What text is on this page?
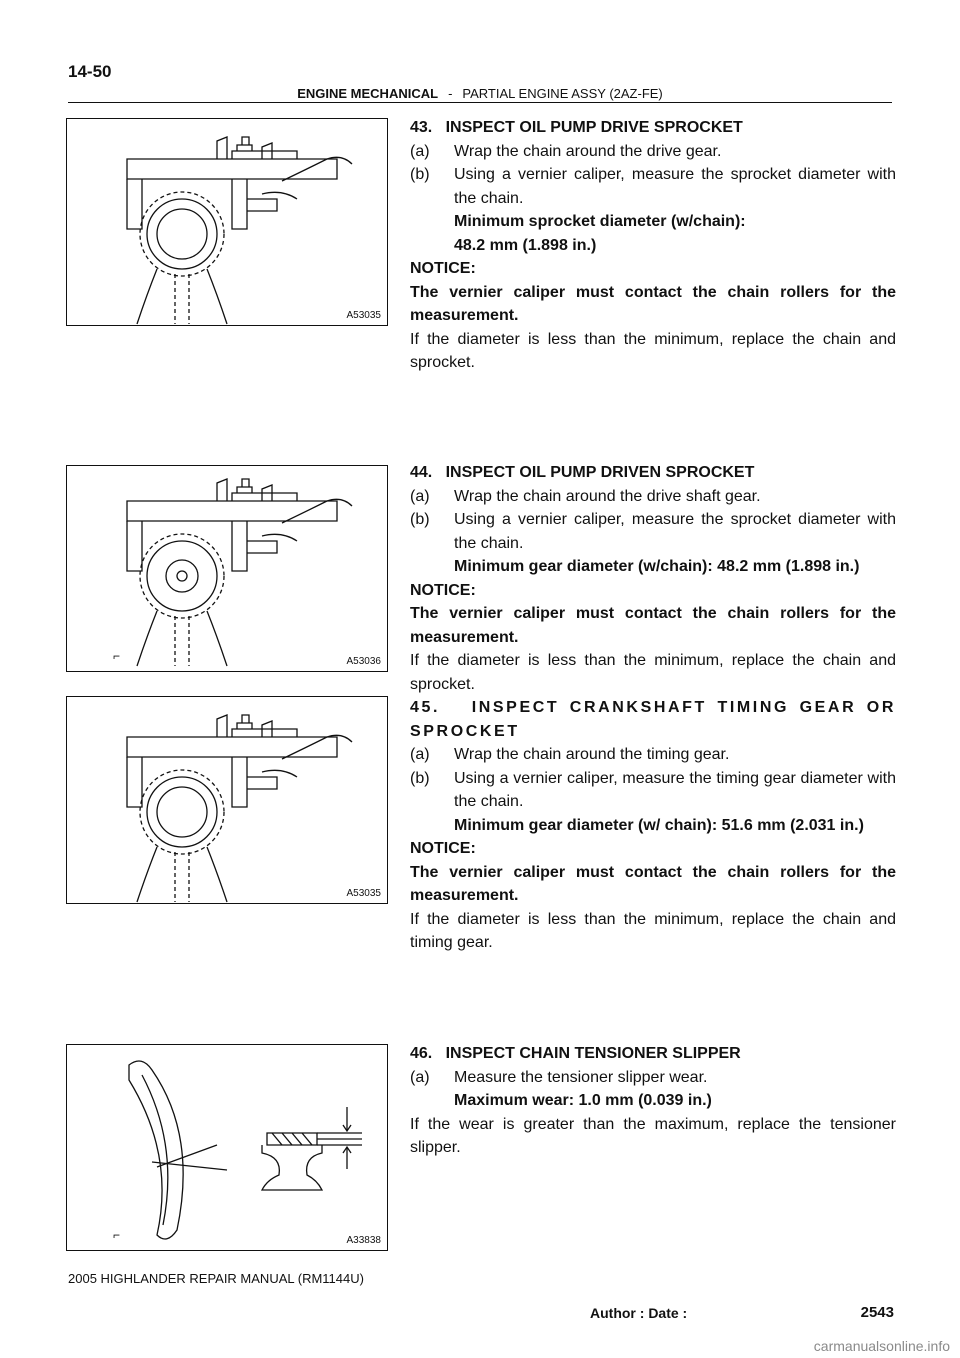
14-50
ENGINE MECHANICAL - PARTIAL ENGINE ASSY (2AZ-FE)
A53035
⌐	A53036
A53035
⌐	A33838

43.   INSPECT OIL PUMP DRIVE SPROCKET

(a)	Wrap the chain around the drive gear.
(b)	Using a vernier caliper, measure the sprocket diameter with the chain.

Minimum sprocket diameter (w/chain):

48.2 mm (1.898 in.)

NOTICE:

The vernier caliper must contact the chain rollers for the measurement.

If the diameter is less than the minimum, replace the chain and sprocket.

44.   INSPECT OIL PUMP DRIVEN SPROCKET

(a)	Wrap the chain around the drive shaft gear.
(b)	Using a vernier caliper, measure the sprocket diameter with the chain.

Minimum gear diameter (w/chain): 48.2 mm (1.898 in.)

NOTICE:

The vernier caliper must contact the chain rollers for the measurement.

If the diameter is less than the minimum, replace the chain and sprocket.

45.   INSPECT CRANKSHAFT TIMING GEAR OR SPROCKET
(a)	Wrap the chain around the timing gear.
(b)	Using a vernier caliper, measure the timing gear diameter with the chain.

Minimum gear diameter (w/ chain): 51.6 mm (2.031 in.)

NOTICE:

The vernier caliper must contact the chain rollers for the measurement.

If the diameter is less than the minimum, replace the chain and timing gear.

46.   INSPECT CHAIN TENSIONER SLIPPER

(a)	Measure the tensioner slipper wear.

Maximum wear: 1.0 mm (0.039 in.)

If the wear is greater than the maximum, replace the tensioner slipper.

2005 HIGHLANDER REPAIR MANUAL (RM1144U)
Author : Date :	2543
carmanualsonline.info
